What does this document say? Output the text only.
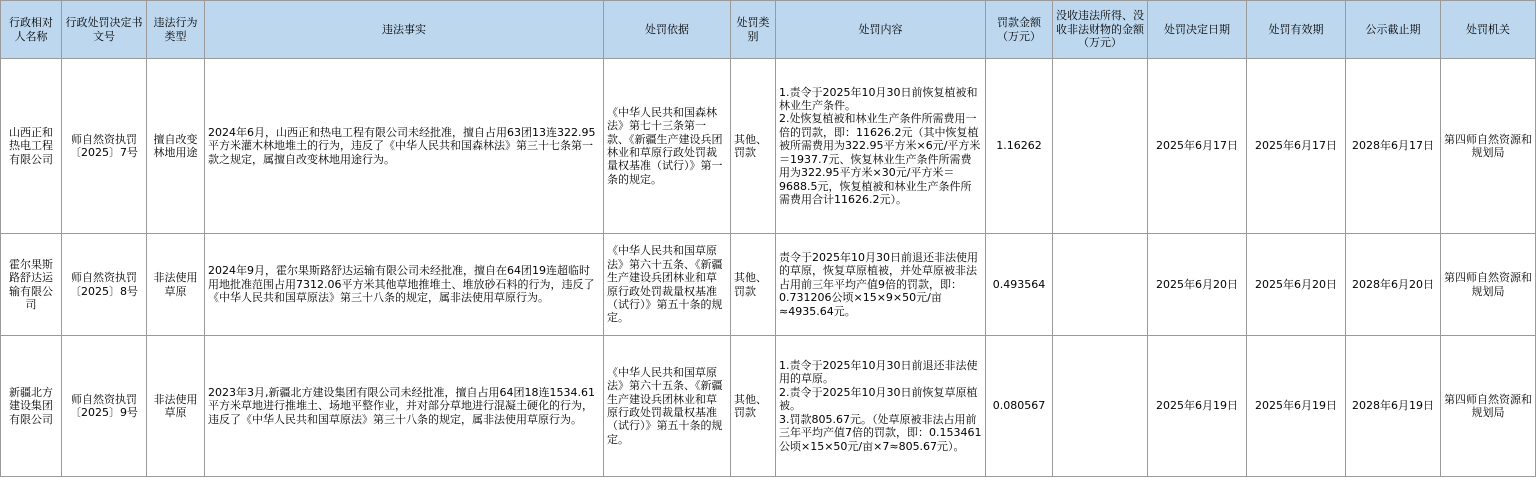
行政相对人名称	行政处罚决定书文号	违法行为类型	违法事实	处罚依据	处罚类别	处罚内容	罚款金额（万元）	没收违法所得、没收非法财物的金额（万元）	处罚决定日期	处罚有效期	公示截止期	处罚机关
山西正和热电工程有限公司	师自然资执罚〔2025〕7号	擅自改变林地用途	2024年6月，山西正和热电工程有限公司未经批准，擅自占用63团13连322.95平方米灌木林地堆土的行为，违反了《中华人民共和国森林法》第三十七条第一款之规定，属擅自改变林地用途行为。	《中华人民共和国森林法》第七十三条第一款、《新疆生产建设兵团林业和草原行政处罚裁量权基准（试行）》第一条的规定。	其他、罚款	1.责令于2025年10月30日前恢复植被和林业生产条件。
2.处恢复植被和林业生产条件所需费用一倍的罚款，即：11626.2元（其中恢复植被所需费用为322.95平方米×6元/平方米＝1937.7元、恢复林业生产条件所需费用为322.95平方米×30元/平方米＝9688.5元，恢复植被和林业生产条件所需费用合计11626.2元）。	1.16262		2025年6月17日	2025年6月17日	2028年6月17日	第四师自然资源和规划局
霍尔果斯路舒达运输有限公司	师自然资执罚〔2025〕8号	非法使用草原	2024年9月，霍尔果斯路舒达运输有限公司未经批准，擅自在64团19连超临时用地批准范围占用7312.06平方米其他草地推堆土、堆放砂石料的行为，违反了《中华人民共和国草原法》第三十八条的规定，属非法使用草原行为。	《中华人民共和国草原法》第六十五条、《新疆生产建设兵团林业和草原行政处罚裁量权基准（试行）》第五十条的规定。	其他、罚款	责令于2025年10月30日前退还非法使用的草原，恢复草原植被，并处草原被非法占用前三年平均产值9倍的罚款，即：0.731206公顷×15×9×50元/亩≈4935.64元。	0.493564		2025年6月20日	2025年6月20日	2028年6月20日	第四师自然资源和规划局
新疆北方建设集团有限公司	师自然资执罚〔2025〕9号	非法使用草原	2023年3月,新疆北方建设集团有限公司未经批准，擅自占用64团18连1534.61平方米草地进行推堆土、场地平整作业，并对部分草地进行混凝土硬化的行为，违反了《中华人民共和国草原法》第三十八条的规定，属非法使用草原行为。	《中华人民共和国草原法》第六十五条、《新疆生产建设兵团林业和草原行政处罚裁量权基准（试行）》第五十条的规定。	其他、罚款	1.责令于2025年10月30日前退还非法使用的草原。
2.责令于2025年10月30日前恢复草原植被。
3.罚款805.67元。（处草原被非法占用前三年平均产值7倍的罚款，即：0.153461公顷×15×50元/亩×7≈805.67元）。	0.080567		2025年6月19日	2025年6月19日	2028年6月19日	第四师自然资源和规划局
